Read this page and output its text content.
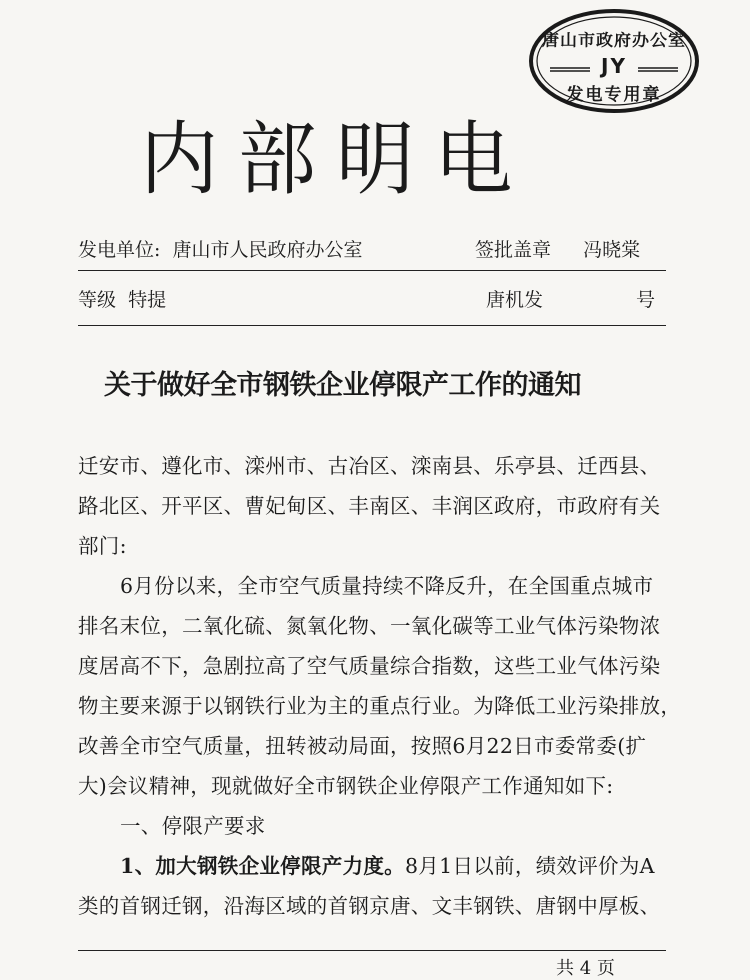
唐山市政府办公室
JY
发电专用章
内部明电
发电单位: 唐山市人民政府办公室	签批盖章 冯晓棠
等级 特提	唐机发	号
关于做好全市钢铁企业停限产工作的通知
迁安市、遵化市、滦州市、古冶区、滦南县、乐亭县、迁西县、
路北区、开平区、曹妃甸区、丰南区、丰润区政府，市政府有关
部门:
6月份以来，全市空气质量持续不降反升，在全国重点城市
排名末位，二氧化硫、氮氧化物、一氧化碳等工业气体污染物浓
度居高不下，急剧拉高了空气质量综合指数，这些工业气体污染
物主要来源于以钢铁行业为主的重点行业。为降低工业污染排放，
改善全市空气质量，扭转被动局面，按照6月22日市委常委(扩
大)会议精神，现就做好全市钢铁企业停限产工作通知如下:
一、停限产要求
1、加大钢铁企业停限产力度。8月1日以前，绩效评价为A
类的首钢迁钢，沿海区域的首钢京唐、文丰钢铁、唐钢中厚板、
共 4 页
